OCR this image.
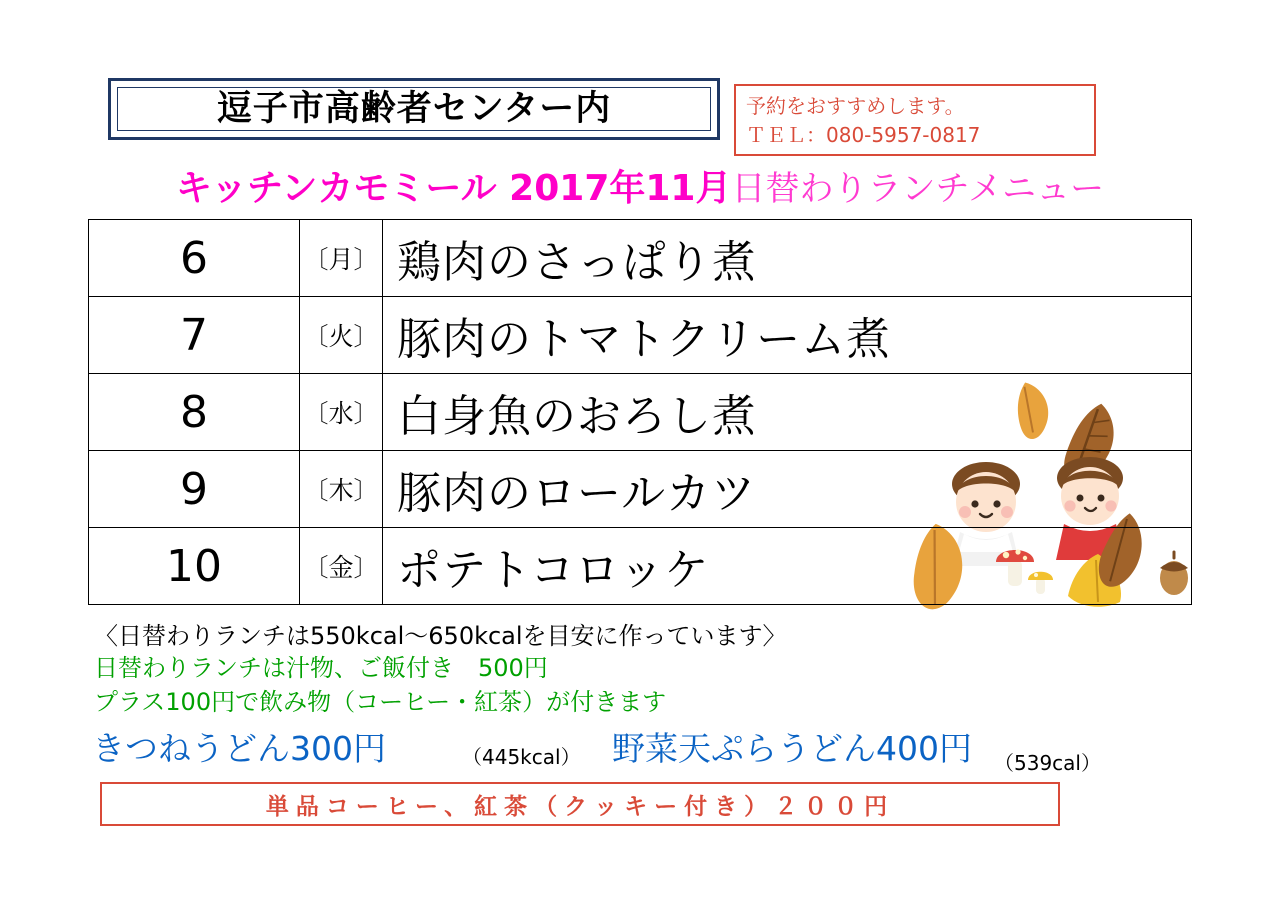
逗子市高齢者センター内	予約をおすすめします。
ＴＥＬ：080-5957-0817
キッチンカモミール 2017年11月日替わりランチメニュー
6	〔月〕	鶏肉のさっぱり煮
7	〔火〕	豚肉のトマトクリーム煮
8	〔水〕	白身魚のおろし煮
9	〔木〕	豚肉のロールカツ
10	〔金〕	ポテトコロッケ
〈日替わりランチは550kcal〜650kcalを目安に作っています〉
日替わりランチは汁物、ご飯付き　500円
プラス100円で飲み物（コーヒー・紅茶）が付きます
きつねうどん300円	（445kcal） 野菜天ぷらうどん400円 （539cal）
単品コーヒー、紅茶（クッキー付き）２００円
